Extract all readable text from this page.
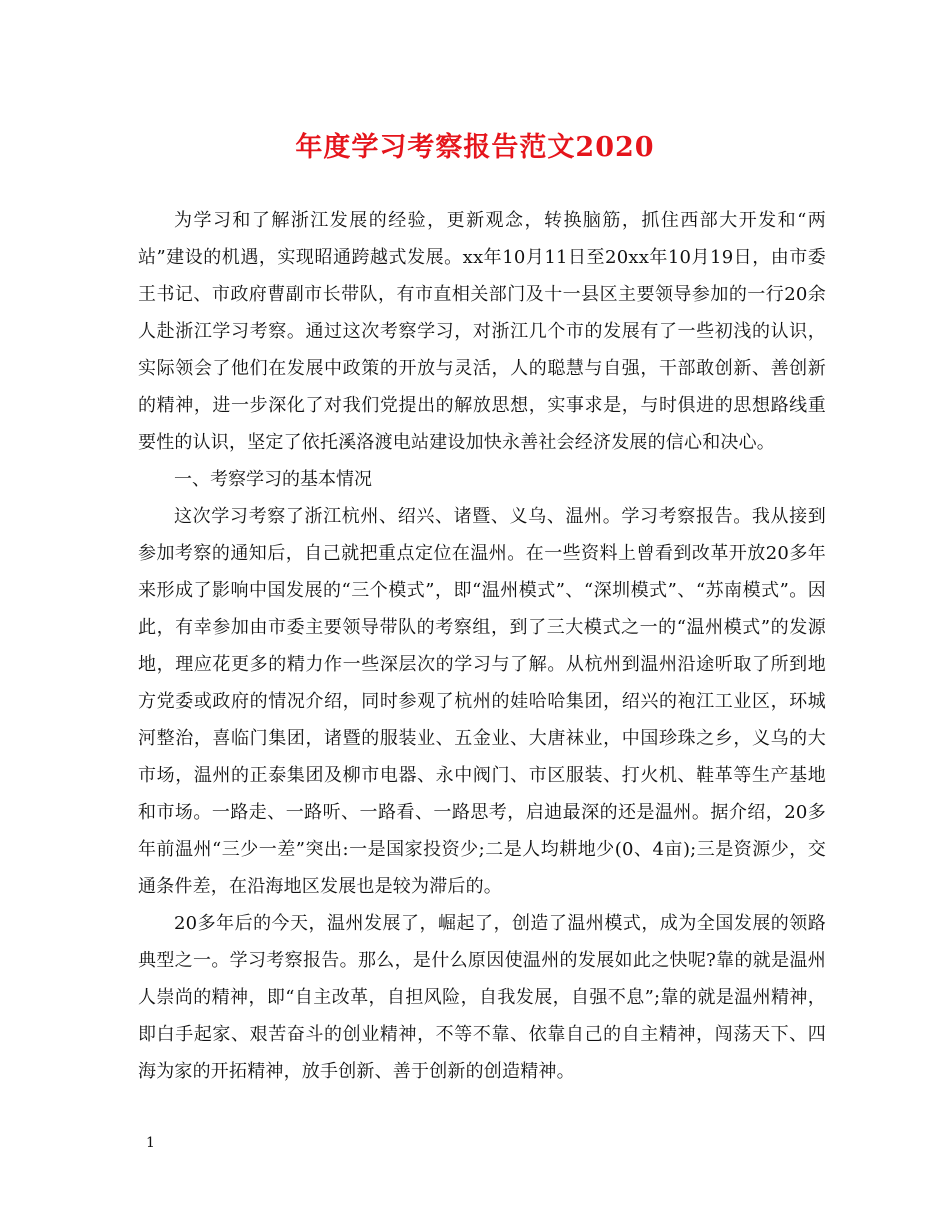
年度学习考察报告范文2020

为学习和了解浙江发展的经验，更新观念，转换脑筋，抓住西部大开发和“两站”建设的机遇，实现昭通跨越式发展。xx年10月11日至20xx年10月19日，由市委王书记、市政府曹副市长带队，有市直相关部门及十一县区主要领导参加的一行20余人赴浙江学习考察。通过这次考察学习，对浙江几个市的发展有了一些初浅的认识，实际领会了他们在发展中政策的开放与灵活，人的聪慧与自强，干部敢创新、善创新的精神，进一步深化了对我们党提出的解放思想，实事求是，与时俱进的思想路线重要性的认识，坚定了依托溪洛渡电站建设加快永善社会经济发展的信心和决心。

一、考察学习的基本情况

这次学习考察了浙江杭州、绍兴、诸暨、义乌、温州。学习考察报告。我从接到参加考察的通知后，自己就把重点定位在温州。在一些资料上曾看到改革开放20多年来形成了影响中国发展的“三个模式”，即“温州模式”、“深圳模式”、“苏南模式”。因此，有幸参加由市委主要领导带队的考察组，到了三大模式之一的“温州模式”的发源地，理应花更多的精力作一些深层次的学习与了解。从杭州到温州沿途听取了所到地方党委或政府的情况介绍，同时参观了杭州的娃哈哈集团，绍兴的袍江工业区，环城河整治，喜临门集团，诸暨的服装业、五金业、大唐袜业，中国珍珠之乡，义乌的大市场，温州的正泰集团及柳市电器、永中阀门、市区服装、打火机、鞋革等生产基地和市场。一路走、一路听、一路看、一路思考，启迪最深的还是温州。据介绍，20多年前温州“三少一差”突出:一是国家投资少;二是人均耕地少(0、4亩);三是资源少，交通条件差，在沿海地区发展也是较为滞后的。

20多年后的今天，温州发展了，崛起了，创造了温州模式，成为全国发展的领路典型之一。学习考察报告。那么，是什么原因使温州的发展如此之快呢?靠的就是温州人崇尚的精神，即“自主改革，自担风险，自我发展，自强不息”;靠的就是温州精神，即白手起家、艰苦奋斗的创业精神，不等不靠、依靠自己的自主精神，闯荡天下、四海为家的开拓精神，放手创新、善于创新的创造精神。

1
